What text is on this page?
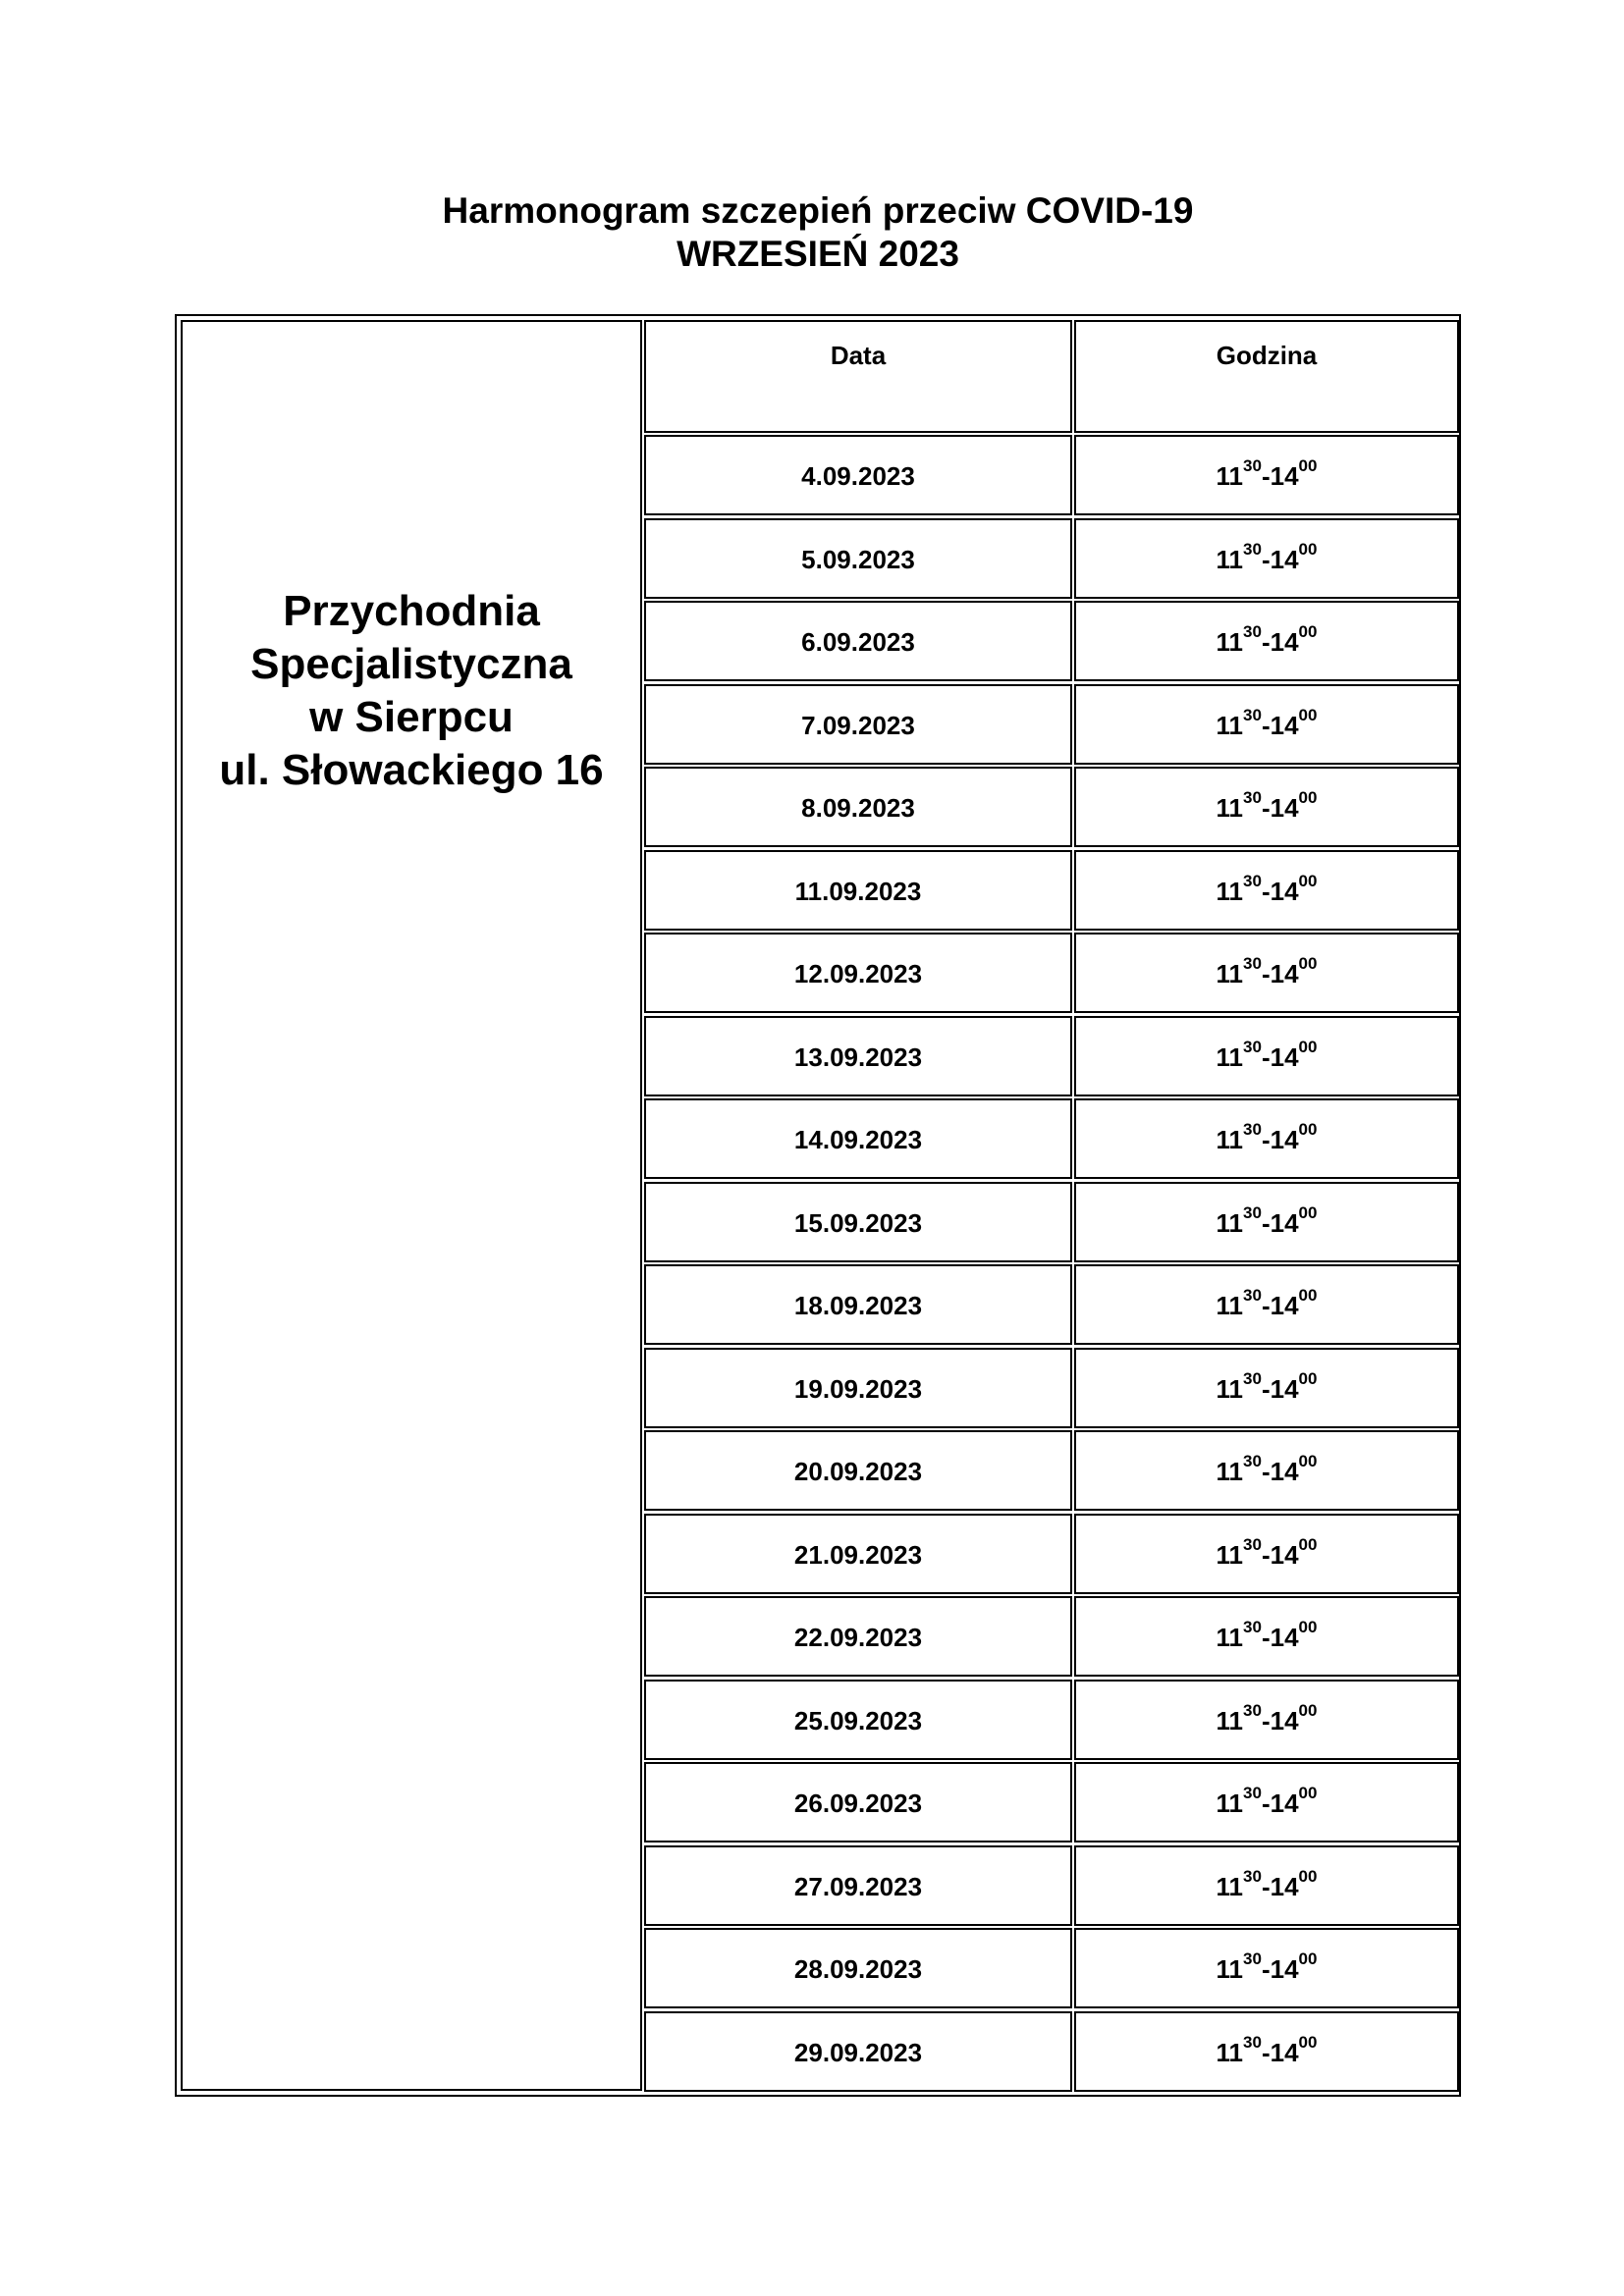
Harmonogram szczepień przeciw COVID-19
WRZESIEŃ 2023
Przychodnia
Specjalistyczna
w Sierpcu
ul. Słowackiego 16
Data	Godzina
4.09.2023	$11^{30}-14^{00}$
5.09.2023	$11^{30}-14^{00}$
6.09.2023	$11^{30}-14^{00}$
7.09.2023	$11^{30}-14^{00}$
8.09.2023	$11^{30}-14^{00}$
11.09.2023	$11^{30}-14^{00}$
12.09.2023	$11^{30}-14^{00}$
13.09.2023	$11^{30}-14^{00}$
14.09.2023	$11^{30}-14^{00}$
15.09.2023	$11^{30}-14^{00}$
18.09.2023	$11^{30}-14^{00}$
19.09.2023	$11^{30}-14^{00}$
20.09.2023	$11^{30}-14^{00}$
21.09.2023	$11^{30}-14^{00}$
22.09.2023	$11^{30}-14^{00}$
25.09.2023	$11^{30}-14^{00}$
26.09.2023	$11^{30}-14^{00}$
27.09.2023	$11^{30}-14^{00}$
28.09.2023	$11^{30}-14^{00}$
29.09.2023	$11^{30}-14^{00}$
